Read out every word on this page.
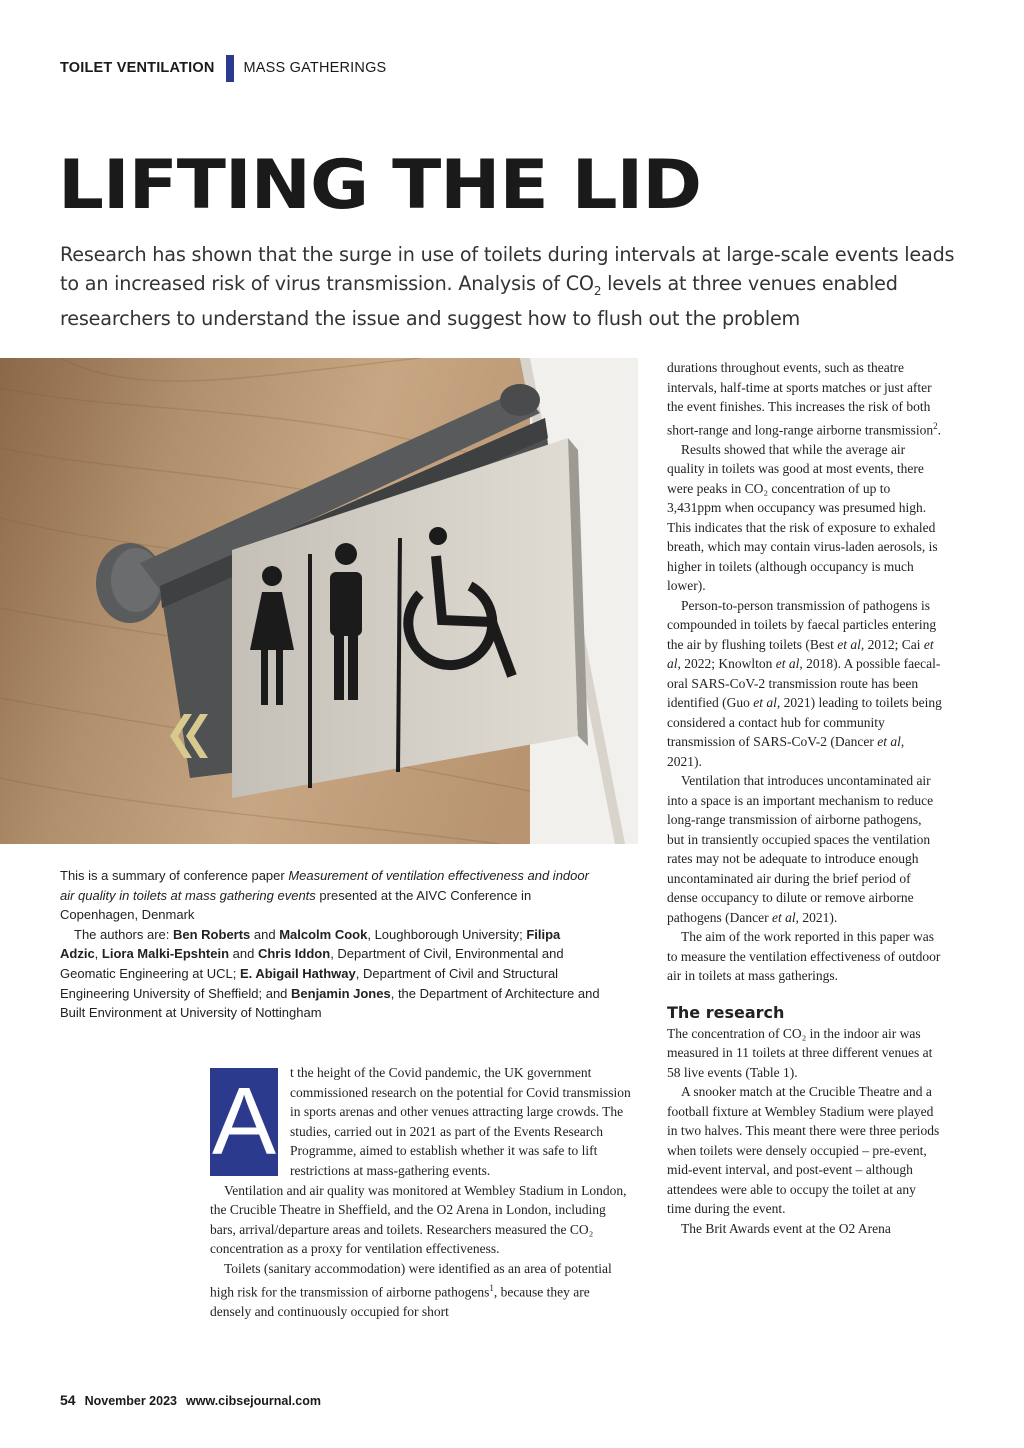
TOILET VENTILATION MASS GATHERINGS
LIFTING THE LID
Research has shown that the surge in use of toilets during intervals at large-scale events leads to an increased risk of virus transmission. Analysis of $CO_2$ levels at three venues enabled researchers to understand the issue and suggest how to flush out the problem

This is a summary of conference paper Measurement of ventilation effectiveness and indoor air quality in toilets at mass gathering events presented at the AIVC Conference in Copenhagen, Denmark

The authors are: Ben Roberts and Malcolm Cook, Loughborough University; Filipa Adzic, Liora Malki-Epshtein and Chris Iddon, Department of Civil, Environmental and Geomatic Engineering at UCL; E. Abigail Hathway, Department of Civil and Structural Engineering University of Sheffield; and Benjamin Jones, the Department of Architecture and Built Environment at University of Nottingham

A t the height of the Covid pandemic, the UK government commissioned research on the potential for Covid transmission in sports arenas and other venues attracting large crowds. The studies, carried out in 2021 as part of the Events Research Programme, aimed to establish whether it was safe to lift restrictions at mass-gathering events.

Ventilation and air quality was monitored at Wembley Stadium in London, the Crucible Theatre in Sheffield, and the O2 Arena in London, including bars, arrival/departure areas and toilets. Researchers measured the CO₂ concentration as a proxy for ventilation effectiveness.

Toilets (sanitary accommodation) were identified as an area of potential high risk for the transmission of airborne pathogens$^1$, because they are densely and continuously occupied for short

durations throughout events, such as theatre intervals, half-time at sports matches or just after the event finishes. This increases the risk of both short-range and long-range airborne transmission$^2$.

Results showed that while the average air quality in toilets was good at most events, there were peaks in CO₂ concentration of up to 3,431ppm when occupancy was presumed high. This indicates that the risk of exposure to exhaled breath, which may contain virus-laden aerosols, is higher in toilets (although occupancy is much lower).

Person-to-person transmission of pathogens is compounded in toilets by faecal particles entering the air by flushing toilets (Best et al, 2012; Cai et al, 2022; Knowlton et al, 2018). A possible faecal-oral SARS-CoV-2 transmission route has been identified (Guo et al, 2021) leading to toilets being considered a contact hub for community transmission of SARS-CoV-2 (Dancer et al, 2021).

Ventilation that introduces uncontaminated air into a space is an important mechanism to reduce long-range transmission of airborne pathogens, but in transiently occupied spaces the ventilation rates may not be adequate to introduce enough uncontaminated air during the brief period of dense occupancy to dilute or remove airborne pathogens (Dancer et al, 2021).

The aim of the work reported in this paper was to measure the ventilation effectiveness of outdoor air in toilets at mass gatherings.

The research

The concentration of CO₂ in the indoor air was measured in 11 toilets at three different venues at 58 live events (Table 1).

A snooker match at the Crucible Theatre and a football fixture at Wembley Stadium were played in two halves. This meant there were three periods when toilets were densely occupied – pre-event, mid-event interval, and post-event – although attendees were able to occupy the toilet at any time during the event.

The Brit Awards event at the O2 Arena

54 November 2023 www.cibsejournal.com
